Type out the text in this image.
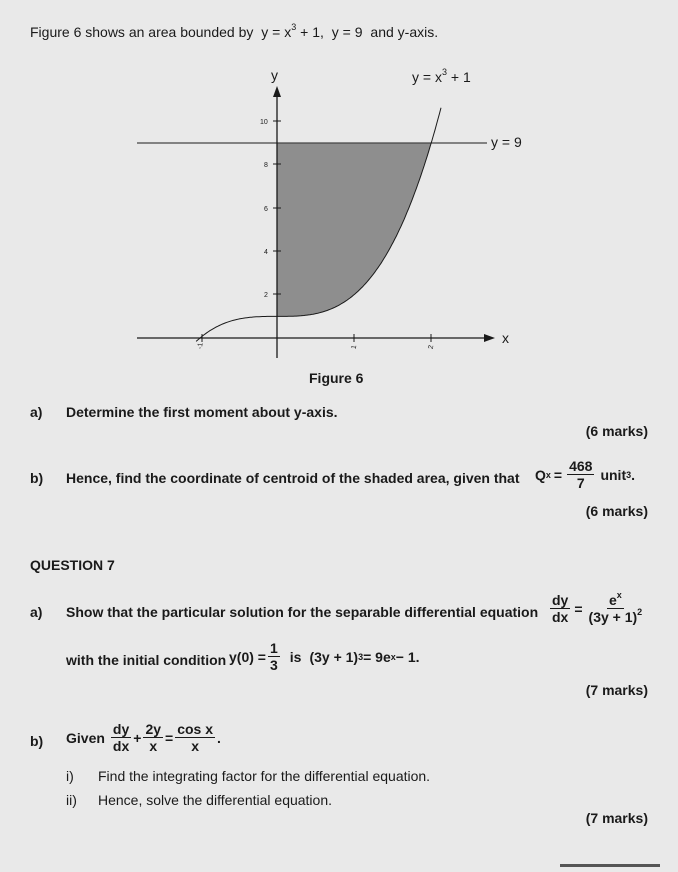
Figure 6 shows an area bounded by $y = x^3 + 1$, y = 9 and y-axis.
10
8
6
4
2
-1	1	2
y
x
y = 9
$y = x^3 + 1$
Figure 6
a) Determine the first moment about y-axis.
(6 marks)
b) Hence, find the coordinate of centroid of the shaded area, given that Q $x = \frac{468}{7}$ unit 3 .
(6 marks)
QUESTION 7
a) Show that the particular solution for the separable differential equation $\frac{dy}{dx} = \frac{e^x}{(3y + 1)^2}$
with the initial condition $y(0) = \frac{1}{3}$ is (3y + 1) 3 = 9e x − 1.
(7 marks)
b) Given $\frac{dy}{dx} + \frac{2y}{x} = \frac{\text{cos x}}{x}$ .
i) Find the integrating factor for the differential equation.
ii) Hence, solve the differential equation.
(7 marks)
